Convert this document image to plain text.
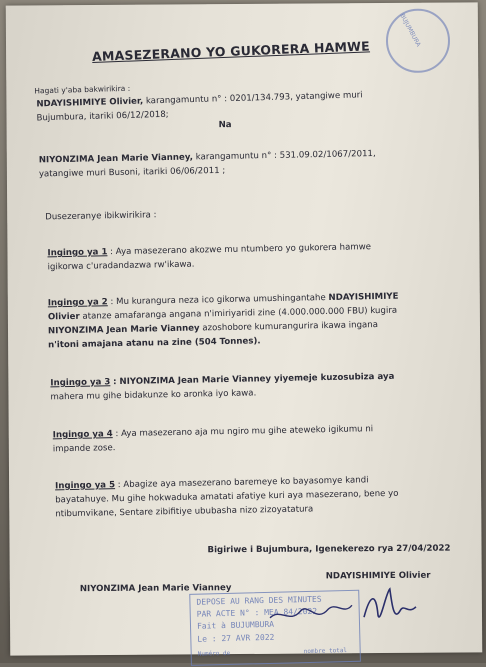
BUJUMBURA
AMASEZERANO YO GUKORERA HAMWE
Hagati y'aba bakwirikira :
NDAYISHIMIYE Olivier, karangamuntu n° : 0201/134.793, yatangiwe muri
Bujumbura, itariki 06/12/2018;
Na
NIYONZIMA Jean Marie Vianney, karangamuntu n° : 531.09.02/1067/2011,
yatangiwe muri Busoni, itariki 06/06/2011 ;
Dusezeranye ibikwirikira :
Ingingo ya 1 : Aya masezerano akozwe mu ntumbero yo gukorera hamwe
igikorwa c'uradandazwa rw'ikawa.
Ingingo ya 2 : Mu kurangura neza ico gikorwa umushingantahe NDAYISHIMIYE
Olivier atanze amafaranga angana n'imiriyaridi zine (4.000.000.000 FBU) kugira
NIYONZIMA Jean Marie Vianney azoshobore kumurangurira ikawa ingana
n'itoni amajana atanu na zine (504 Tonnes).
Ingingo ya 3 : NIYONZIMA Jean Marie Vianney yiyemeje kuzosubiza aya
mahera mu gihe bidakunze ko aronka iyo kawa.
Ingingo ya 4 : Aya masezerano aja mu ngiro mu gihe ateweko igikumu ni
impande zose.
Ingingo ya 5 : Abagize aya masezerano baremeye ko bayasomye kandi
bayatahuye. Mu gihe hokwaduka amatati afatiye kuri aya masezerano, bene yo
ntibumvikane, Sentare zibifitiye ububasha nizo zizoyatatura
Bigiriwe i Bujumbura, Igenekerezo rya 27/04/2022
NIYONZIMA Jean Marie Vianney
NDAYISHIMIYE Olivier
DEPOSE AU RANG DES MINUTES
PAR ACTE N° : MEA 84/2022
Fait à BUJUMBURA
Le : 27 AVR 2022
Numéro de	nombre total
